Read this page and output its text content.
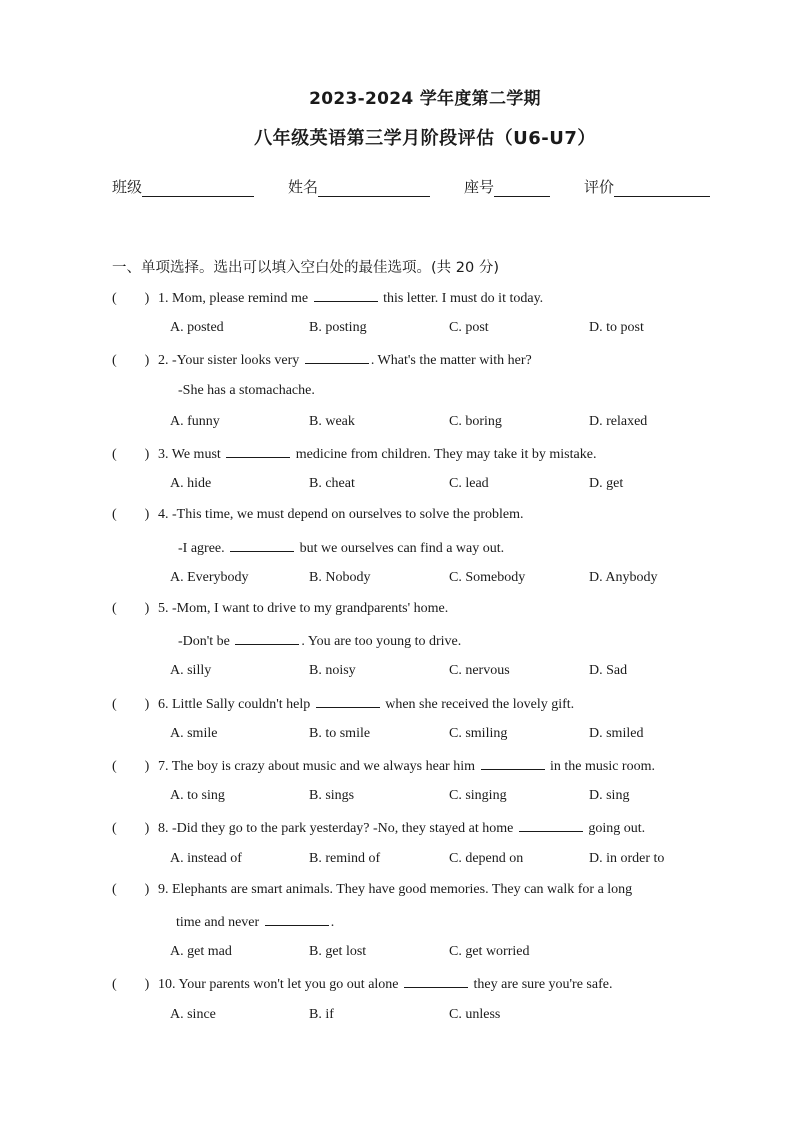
2023-2024 学年度第二学期
八年级英语第三学月阶段评估（U6-U7）
班级	姓名	座号	评价
一、单项选择。选出可以填入空白处的最佳选项。(共 20 分)
(　　) 1. Mom, please remind me	this letter. I must do it today.
A. posted	B. posting	C. post	D. to post
(　　) 2. -Your sister looks very	. What's the matter with her?
-She has a stomachache.
A. funny	B. weak	C. boring	D. relaxed
(　　) 3. We must	medicine from children. They may take it by mistake.
A. hide	B. cheat	C. lead	D. get
(　　) 4. -This time, we must depend on ourselves to solve the problem.
-I agree.	but we ourselves can find a way out.
A. Everybody	B. Nobody	C. Somebody	D. Anybody
(　　) 5. -Mom, I want to drive to my grandparents' home.
-Don't be	. You are too young to drive.
A. silly	B. noisy	C. nervous	D. Sad
(　　) 6. Little Sally couldn't help	when she received the lovely gift.
A. smile	B. to smile	C. smiling	D. smiled
(　　) 7. The boy is crazy about music and we always hear him	in the music room.
A. to sing	B. sings	C. singing	D. sing
(　　) 8. -Did they go to the park yesterday? -No, they stayed at home	going out.
A. instead of	B. remind of	C. depend on	D. in order to
(　　) 9. Elephants are smart animals. They have good memories. They can walk for a long
time and never	.
A. get mad	B. get lost	C. get worried
(　　) 10. Your parents won't let you go out alone	they are sure you're safe.
A. since	B. if	C. unless
